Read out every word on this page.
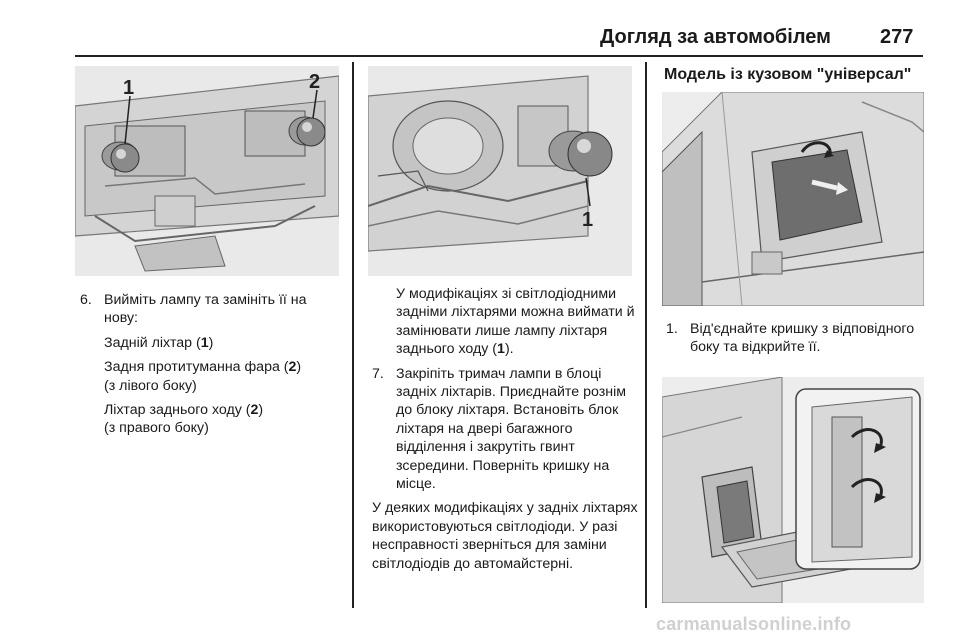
Догляд за автомобілем 277
1	2
1
Модель із кузовом "універсал"
6. Вийміть лампу та замініть її на нову:

Задній ліхтар (1)

Задня протитуманна фара (2)
(з лівого боку)

Ліхтар заднього ходу (2)
(з правого боку)

У модифікаціях зі світлодіодними задніми ліхтарями можна виймати й замінювати лише лампу ліхтаря заднього ходу (1).

7. Закріпіть тримач лампи в блоці задніх ліхтарів. Приєднайте рознім до блоку ліхтаря. Встановіть блок ліхтаря на двері багажного відділення і закрутіть гвинт зсередини. Поверніть кришку на місце.

У деяких модифікаціях у задніх ліхтарях використовуються світлодіоди. У разі несправності зверніться для заміни світлодіодів до автомайстерні.

1. Від'єднайте кришку з відповідного боку та відкрийте її.

carmanualsonline.info
